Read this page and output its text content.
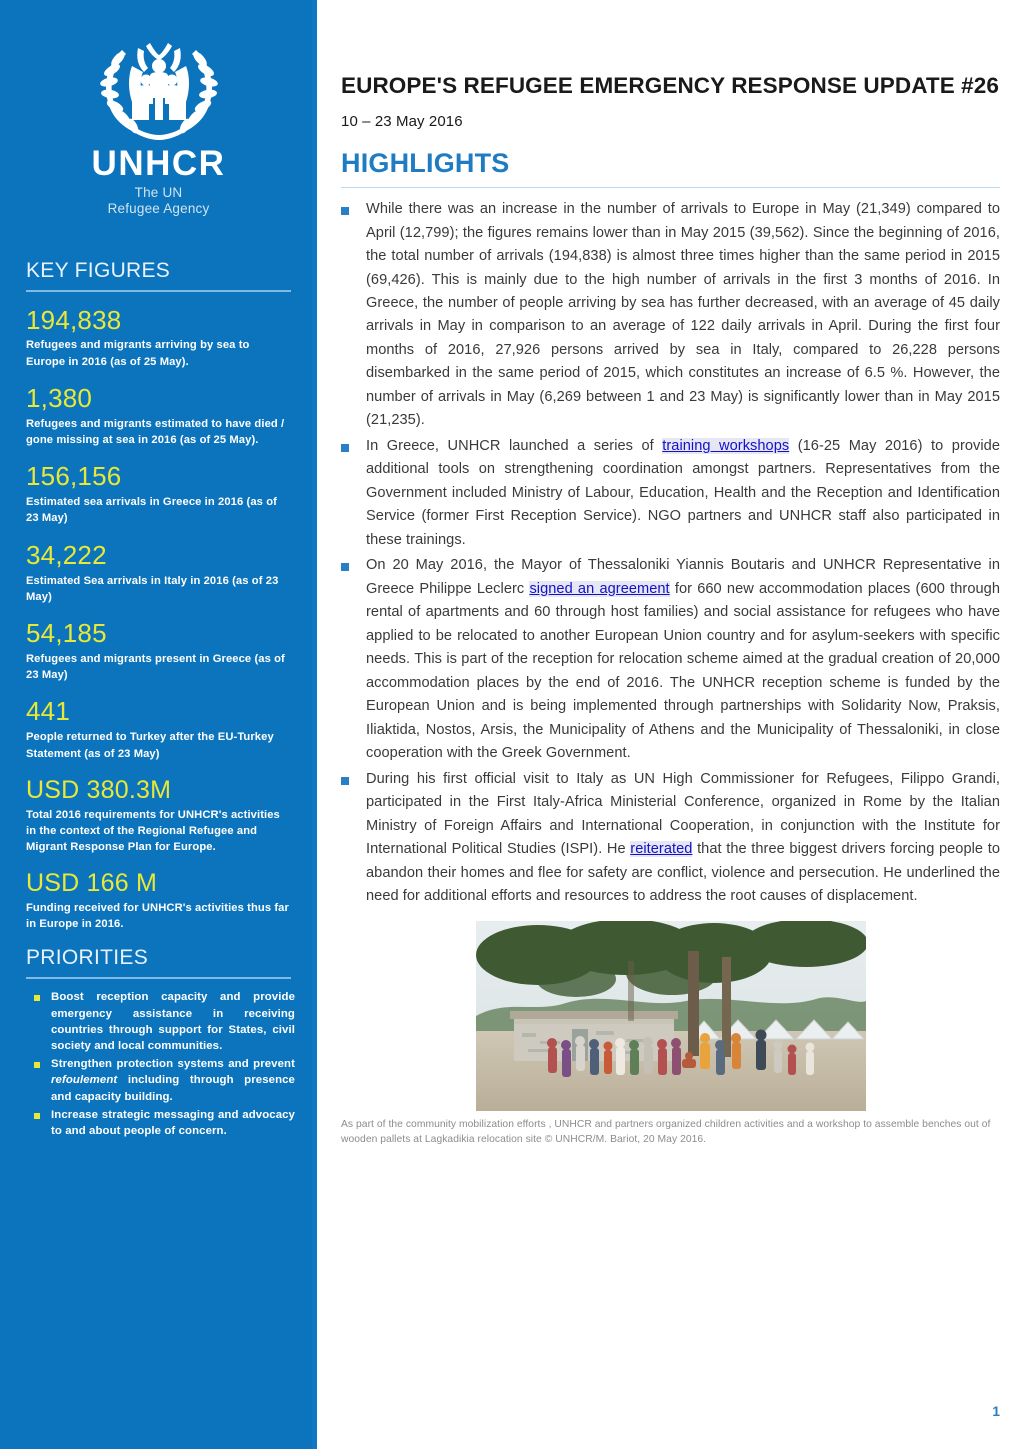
UNHCR
The UN
Refugee Agency
KEY FIGURES
194,838
Refugees and migrants arriving by sea to Europe in 2016 (as of 25 May).
1,380
Refugees and migrants estimated to have died / gone missing at sea in 2016 (as of 25 May).
156,156
Estimated sea arrivals in Greece in 2016 (as of 23 May)
34,222
Estimated Sea arrivals in Italy in 2016 (as of 23 May)
54,185
Refugees and migrants present in Greece (as of 23 May)
441
People returned to Turkey after the EU-Turkey Statement (as of 23 May)
USD 380.3M
Total 2016 requirements for UNHCR's activities in the context of the Regional Refugee and Migrant Response Plan for Europe.
USD 166 M
Funding received for UNHCR's activities thus far in Europe in 2016.
PRIORITIES
Boost reception capacity and provide emergency assistance in receiving countries through support for States, civil society and local communities.
Strengthen protection systems and prevent refoulement including through presence and capacity building.
Increase strategic messaging and advocacy to and about people of concern.
EUROPE'S REFUGEE EMERGENCY RESPONSE UPDATE #26
10 – 23 May 2016
HIGHLIGHTS

While there was an increase in the number of arrivals to Europe in May (21,349) compared to April (12,799); the figures remains lower than in May 2015 (39,562). Since the beginning of 2016, the total number of arrivals (194,838) is almost three times higher than the same period in 2015 (69,426). This is mainly due to the high number of arrivals in the first 3 months of 2016. In Greece, the number of people arriving by sea has further decreased, with an average of 45 daily arrivals in May in comparison to an average of 122 daily arrivals in April. During the first four months of 2016, 27,926 persons arrived by sea in Italy, compared to 26,228 persons disembarked in the same period of 2015, which constitutes an increase of 6.5 %. However, the number of arrivals in May (6,269 between 1 and 23 May) is significantly lower than in May 2015 (21,235).

In Greece, UNHCR launched a series of training workshops (16-25 May 2016) to provide additional tools on strengthening coordination amongst partners. Representatives from the Government included Ministry of Labour, Education, Health and the Reception and Identification Service (former First Reception Service). NGO partners and UNHCR staff also participated in these trainings.

On 20 May 2016, the Mayor of Thessaloniki Yiannis Boutaris and UNHCR Representative in Greece Philippe Leclerc signed an agreement for 660 new accommodation places (600 through rental of apartments and 60 through host families) and social assistance for refugees who have applied to be relocated to another European Union country and for asylum-seekers with specific needs. This is part of the reception for relocation scheme aimed at the gradual creation of 20,000 accommodation places by the end of 2016. The UNHCR reception scheme is funded by the European Union and is being implemented through partnerships with Solidarity Now, Praksis, Iliaktida, Nostos, Arsis, the Municipality of Athens and the Municipality of Thessaloniki, in close cooperation with the Greek Government.

During his first official visit to Italy as UN High Commissioner for Refugees, Filippo Grandi, participated in the First Italy-Africa Ministerial Conference, organized in Rome by the Italian Ministry of Foreign Affairs and International Cooperation, in conjunction with the Institute for International Political Studies (ISPI). He reiterated that the three biggest drivers forcing people to abandon their homes and flee for safety are conflict, violence and persecution. He underlined the need for additional efforts and resources to address the root causes of displacement.

As part of the community mobilization efforts , UNHCR and partners organized children activities and a workshop to assemble benches out of wooden pallets at Lagkadikia relocation site © UNHCR/M. Bariot, 20 May 2016.
1
